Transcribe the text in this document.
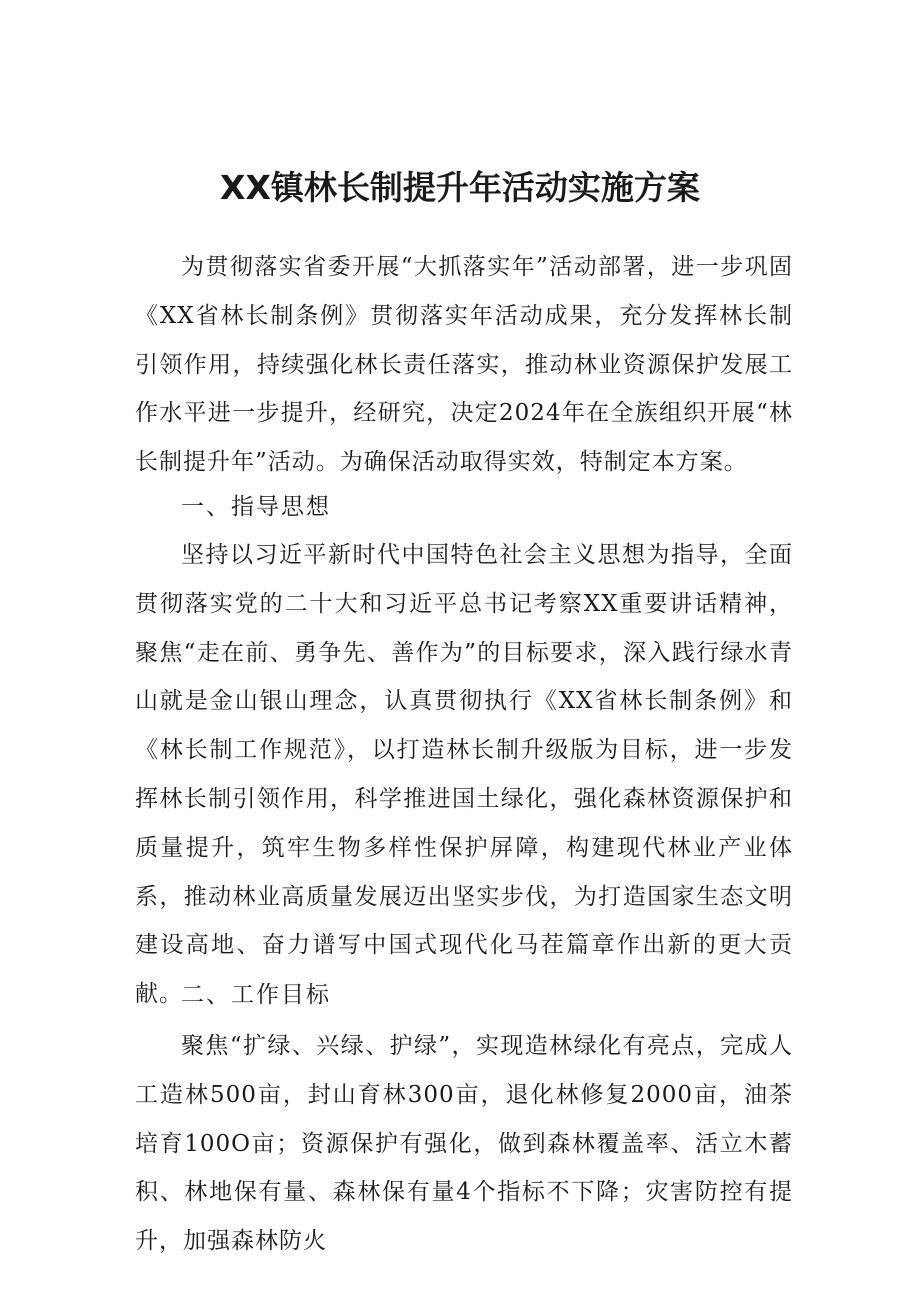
XX镇林长制提升年活动实施方案

为贯彻落实省委开展“大抓落实年”活动部署，进一步巩固《XX省林长制条例》贯彻落实年活动成果，充分发挥林长制引领作用，持续强化林长责任落实，推动林业资源保护发展工作水平进一步提升，经研究，决定2024年在全族组织开展“林长制提升年”活动。为确保活动取得实效，特制定本方案。

一、指导思想

坚持以习近平新时代中国特色社会主义思想为指导，全面贯彻落实党的二十大和习近平总书记考察XX重要讲话精神，聚焦“走在前、勇争先、善作为”的目标要求，深入践行绿水青山就是金山银山理念，认真贯彻执行《XX省林长制条例》和《林长制工作规范》，以打造林长制升级版为目标，进一步发挥林长制引领作用，科学推进国土绿化，强化森林资源保护和质量提升，筑牢生物多样性保护屏障，构建现代林业产业体系，推动林业高质量发展迈出坚实步伐，为打造国家生态文明建设高地、奋力谱写中国式现代化马茬篇章作出新的更大贡献。

二、工作目标

聚焦“扩绿、兴绿、护绿”，实现造林绿化有亮点，完成人工造林500亩，封山育林300亩，退化林修复2000亩，油茶培育100O亩；资源保护有强化，做到森林覆盖率、活立木蓄积、林地保有量、森林保有量4个指标不下降；灾害防控有提升，加强森林防火
